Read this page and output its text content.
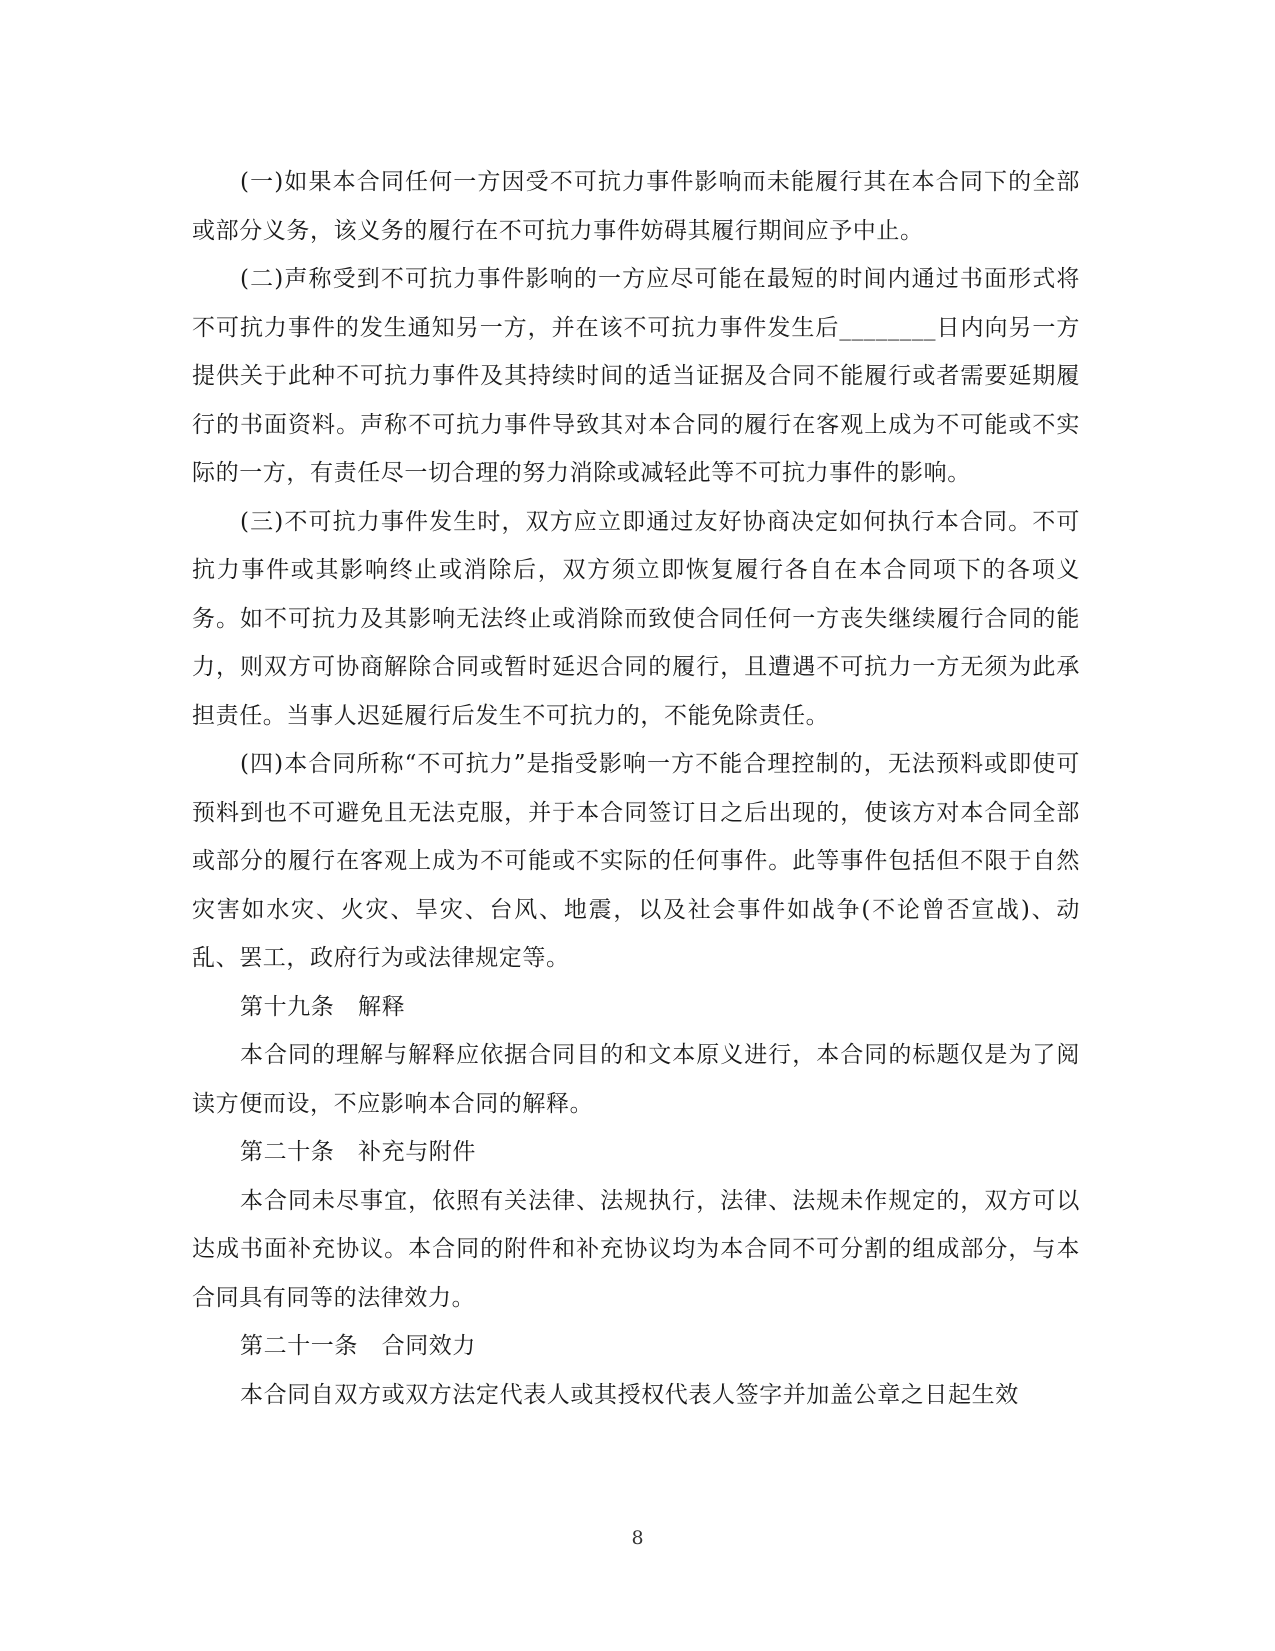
(一)如果本合同任何一方因受不可抗力事件影响而未能履行其在本合同下的全部或部分义务，该义务的履行在不可抗力事件妨碍其履行期间应予中止。

(二)声称受到不可抗力事件影响的一方应尽可能在最短的时间内通过书面形式将不可抗力事件的发生通知另一方，并在该不可抗力事件发生后________日内向另一方提供关于此种不可抗力事件及其持续时间的适当证据及合同不能履行或者需要延期履行的书面资料。声称不可抗力事件导致其对本合同的履行在客观上成为不可能或不实际的一方，有责任尽一切合理的努力消除或减轻此等不可抗力事件的影响。

(三)不可抗力事件发生时，双方应立即通过友好协商决定如何执行本合同。不可抗力事件或其影响终止或消除后，双方须立即恢复履行各自在本合同项下的各项义务。如不可抗力及其影响无法终止或消除而致使合同任何一方丧失继续履行合同的能力，则双方可协商解除合同或暂时延迟合同的履行，且遭遇不可抗力一方无须为此承担责任。当事人迟延履行后发生不可抗力的，不能免除责任。

(四)本合同所称“不可抗力”是指受影响一方不能合理控制的，无法预料或即使可预料到也不可避免且无法克服，并于本合同签订日之后出现的，使该方对本合同全部或部分的履行在客观上成为不可能或不实际的任何事件。此等事件包括但不限于自然灾害如水灾、火灾、旱灾、台风、地震，以及社会事件如战争(不论曾否宣战)、动乱、罢工，政府行为或法律规定等。

第十九条　解释

本合同的理解与解释应依据合同目的和文本原义进行，本合同的标题仅是为了阅读方便而设，不应影响本合同的解释。

第二十条　补充与附件

本合同未尽事宜，依照有关法律、法规执行，法律、法规未作规定的，双方可以达成书面补充协议。本合同的附件和补充协议均为本合同不可分割的组成部分，与本合同具有同等的法律效力。

第二十一条　合同效力

本合同自双方或双方法定代表人或其授权代表人签字并加盖公章之日起生效

8
